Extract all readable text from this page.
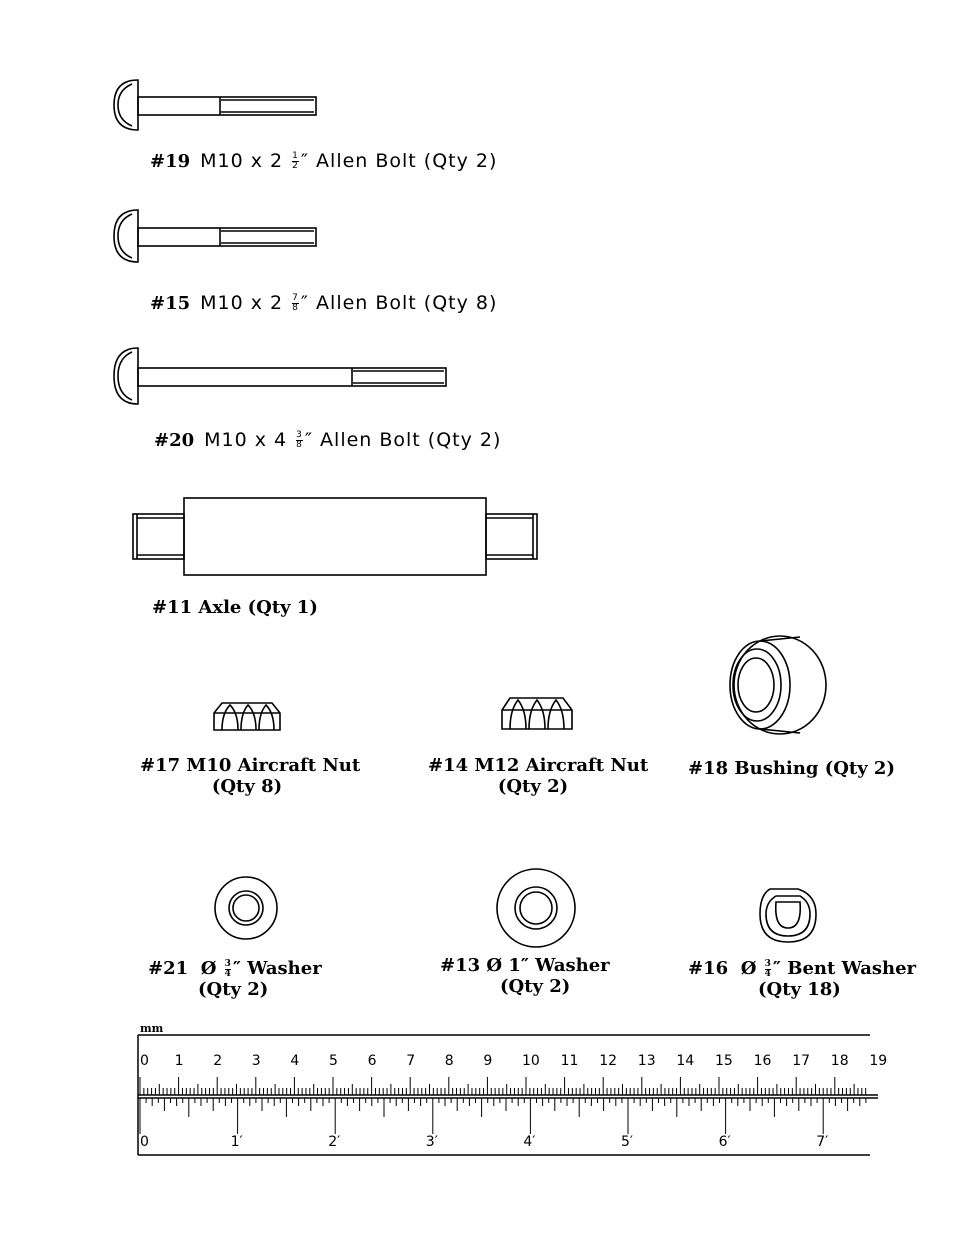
#19 M10 x $2 \frac{1}{2}$ ″ Allen Bolt (Qty 2)
#15 M10 x $2 \frac{7}{8}$ ″ Allen Bolt (Qty 8)
#20 M10 x $4 \frac{3}{8}$ ″ Allen Bolt (Qty 2)
#11 Axle (Qty 1)
#17 M10 Aircraft Nut
(Qty 8)
#14 M12 Aircraft Nut
(Qty 2)
#18 Bushing (Qty 2)
#21 Ø $\frac{3}{4}$ ″ Washer
(Qty 2)
#13 Ø 1″ Washer
(Qty 2)
#16 Ø $\frac{3}{4}$ ″ Bent Washer
(Qty 18)
mm
0 1 2 3 4 5 6 7 8 9 10 11 12 13 14 15 16 17 18 19
0	1′	2′	3′	4′	5′	6′	7′
